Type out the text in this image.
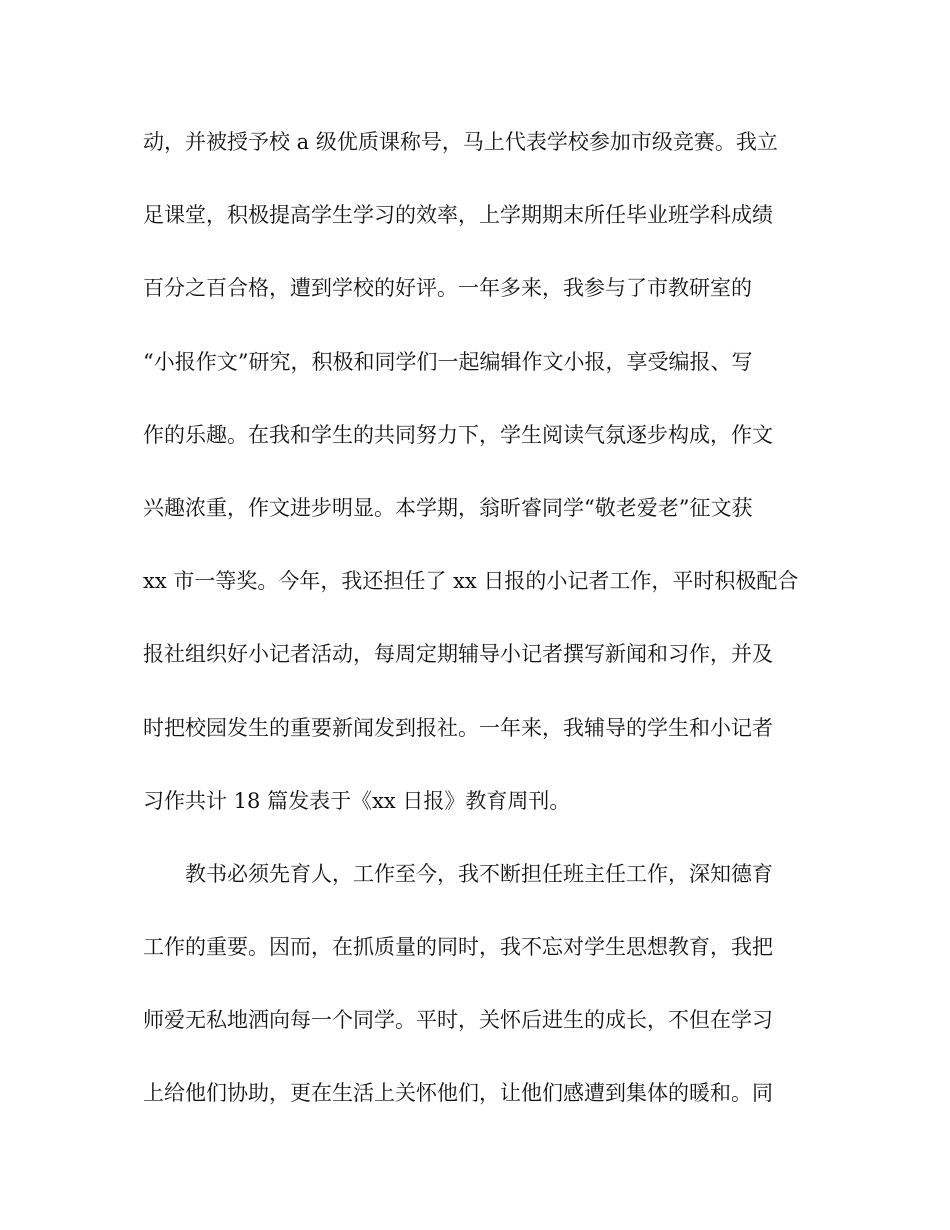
动，并被授予校 a 级优质课称号，马上代表学校参加市级竞赛。我立
足课堂，积极提高学生学习的效率，上学期期末所任毕业班学科成绩
百分之百合格，遭到学校的好评。一年多来，我参与了市教研室的
“小报作文”研究，积极和同学们一起编辑作文小报，享受编报、写
作的乐趣。在我和学生的共同努力下，学生阅读气氛逐步构成，作文
兴趣浓重，作文进步明显。本学期，翁昕睿同学“敬老爱老”征文获
xx 市一等奖。今年，我还担任了 xx 日报的小记者工作，平时积极配合
报社组织好小记者活动，每周定期辅导小记者撰写新闻和习作，并及
时把校园发生的重要新闻发到报社。一年来，我辅导的学生和小记者
习作共计 18 篇发表于《xx 日报》教育周刊。
教书必须先育人，工作至今，我不断担任班主任工作，深知德育
工作的重要。因而，在抓质量的同时，我不忘对学生思想教育，我把
师爱无私地洒向每一个同学。平时，关怀后进生的成长，不但在学习
上给他们协助，更在生活上关怀他们，让他们感遭到集体的暖和。同
